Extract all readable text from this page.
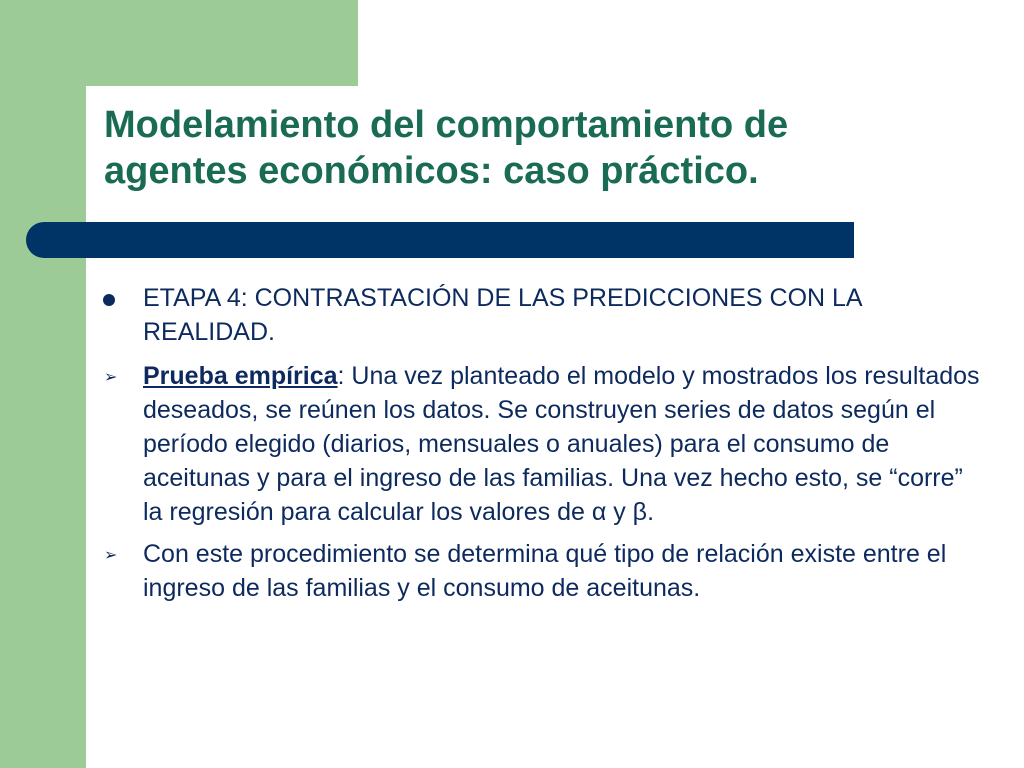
Modelamiento del comportamiento de
agentes económicos: caso práctico.
ETAPA 4: CONTRASTACIÓN DE LAS PREDICCIONES CON LA REALIDAD.
➢ Prueba empírica: Una vez planteado el modelo y mostrados los resultados deseados, se reúnen los datos. Se construyen series de datos según el período elegido (diarios, mensuales o anuales) para el consumo de aceitunas y para el ingreso de las familias. Una vez hecho esto, se “corre” la regresión para calcular los valores de α y β.
➢ Con este procedimiento se determina qué tipo de relación existe entre el ingreso de las familias y el consumo de aceitunas.
